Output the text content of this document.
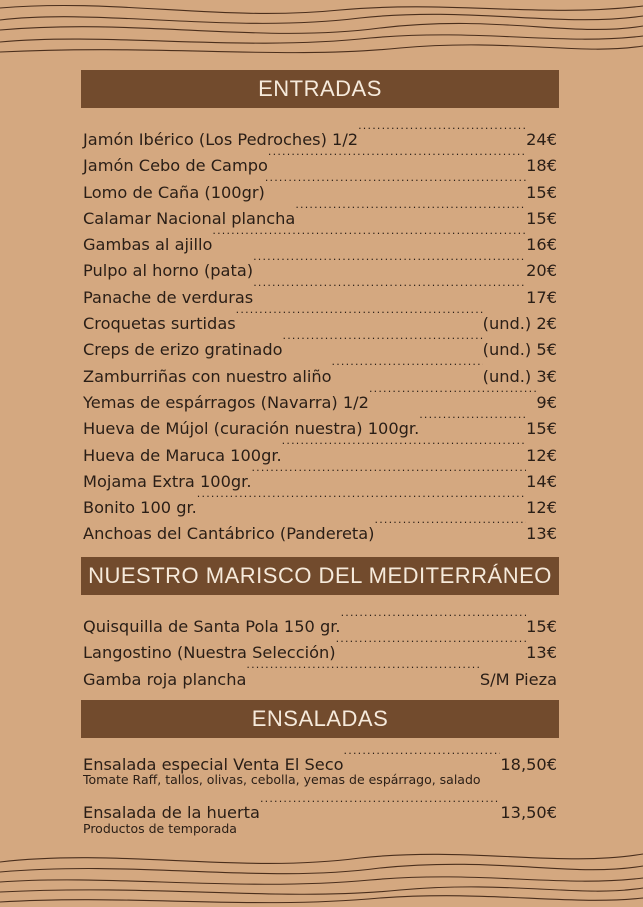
ENTRADAS
Jamón Ibérico (Los Pedroches) 1/2 .....	24€
Jamón Cebo de Campo .....	18€
Lomo de Caña (100gr) .....	15€
Calamar Nacional plancha .....	15€
Gambas al ajillo .....	16€
Pulpo al horno (pata) .....	20€
Panache de verduras .....	17€
Croquetas surtidas .....	(und.) 2€
Creps de erizo gratinado .....	(und.) 5€
Zamburriñas con nuestro aliño .....	(und.) 3€
Yemas de espárragos (Navarra) 1/2 .....	9€
Hueva de Mújol (curación nuestra) 100gr. .....	15€
Hueva de Maruca 100gr. .....	12€
Mojama Extra 100gr. .....	14€
Bonito 100 gr. .....	12€
Anchoas del Cantábrico (Pandereta) .....	13€
NUESTRO MARISCO DEL MEDITERRÁNEO
Quisquilla de Santa Pola 150 gr. .....	15€
Langostino (Nuestra Selección) .....	13€
Gamba roja plancha .....	S/M Pieza
ENSALADAS
Ensalada especial Venta El Seco .....	18,50€
Tomate Raff, tallos, olivas, cebolla, yemas de espárrago, salado
Ensalada de la huerta .....	13,50€
Productos de temporada
